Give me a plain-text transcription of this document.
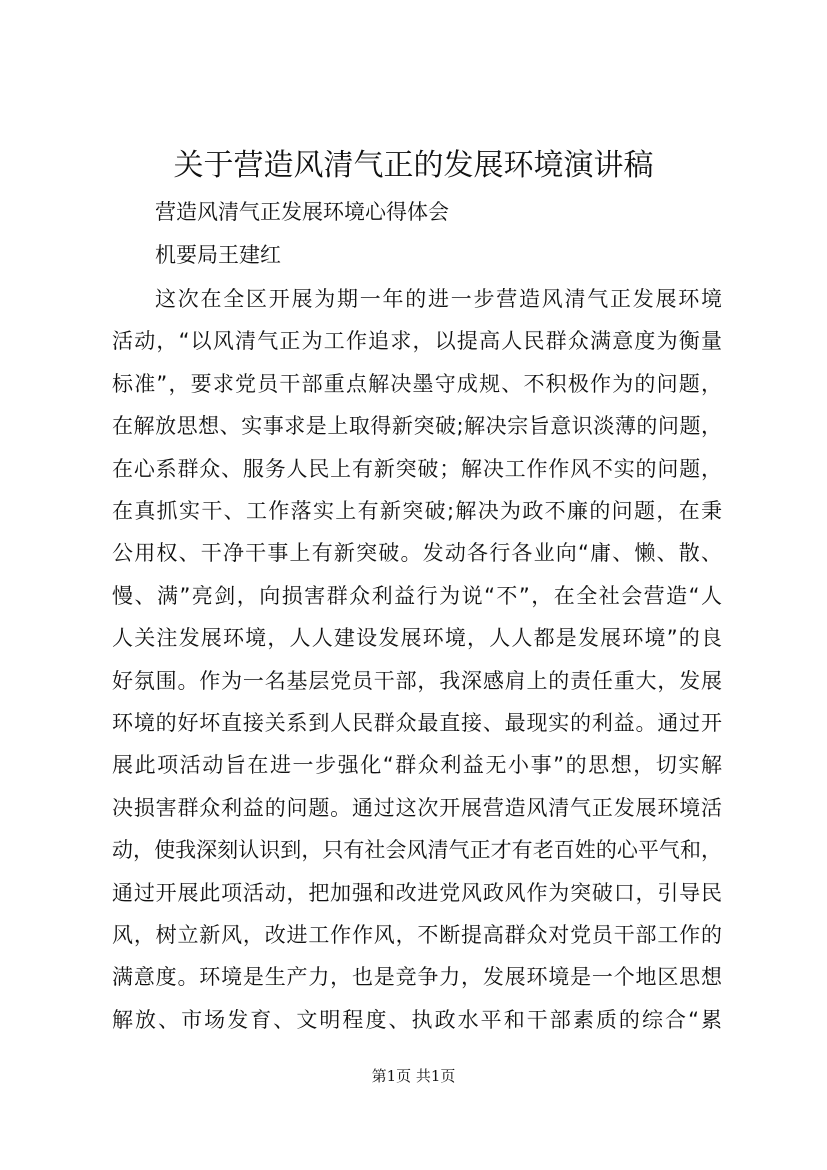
关于营造风清气正的发展环境演讲稿
营造风清气正发展环境心得体会
机要局王建红
这次在全区开展为期一年的进一步营造风清气正发展环境
活动，“以风清气正为工作追求，以提高人民群众满意度为衡量
标准”，要求党员干部重点解决墨守成规、不积极作为的问题，
在解放思想、实事求是上取得新突破;解决宗旨意识淡薄的问题，
在心系群众、服务人民上有新突破；解决工作作风不实的问题，
在真抓实干、工作落实上有新突破;解决为政不廉的问题，在秉
公用权、干净干事上有新突破。发动各行各业向“庸、懒、散、
慢、满”亮剑，向损害群众利益行为说“不”，在全社会营造“人
人关注发展环境，人人建设发展环境，人人都是发展环境”的良
好氛围。作为一名基层党员干部，我深感肩上的责任重大，发展
环境的好坏直接关系到人民群众最直接、最现实的利益。通过开
展此项活动旨在进一步强化“群众利益无小事”的思想，切实解
决损害群众利益的问题。通过这次开展营造风清气正发展环境活
动，使我深刻认识到，只有社会风清气正才有老百姓的心平气和，
通过开展此项活动，把加强和改进党风政风作为突破口，引导民
风，树立新风，改进工作作风，不断提高群众对党员干部工作的
满意度。环境是生产力，也是竞争力，发展环境是一个地区思想
解放、市场发育、文明程度、执政水平和干部素质的综合“累
第1页 共1页
